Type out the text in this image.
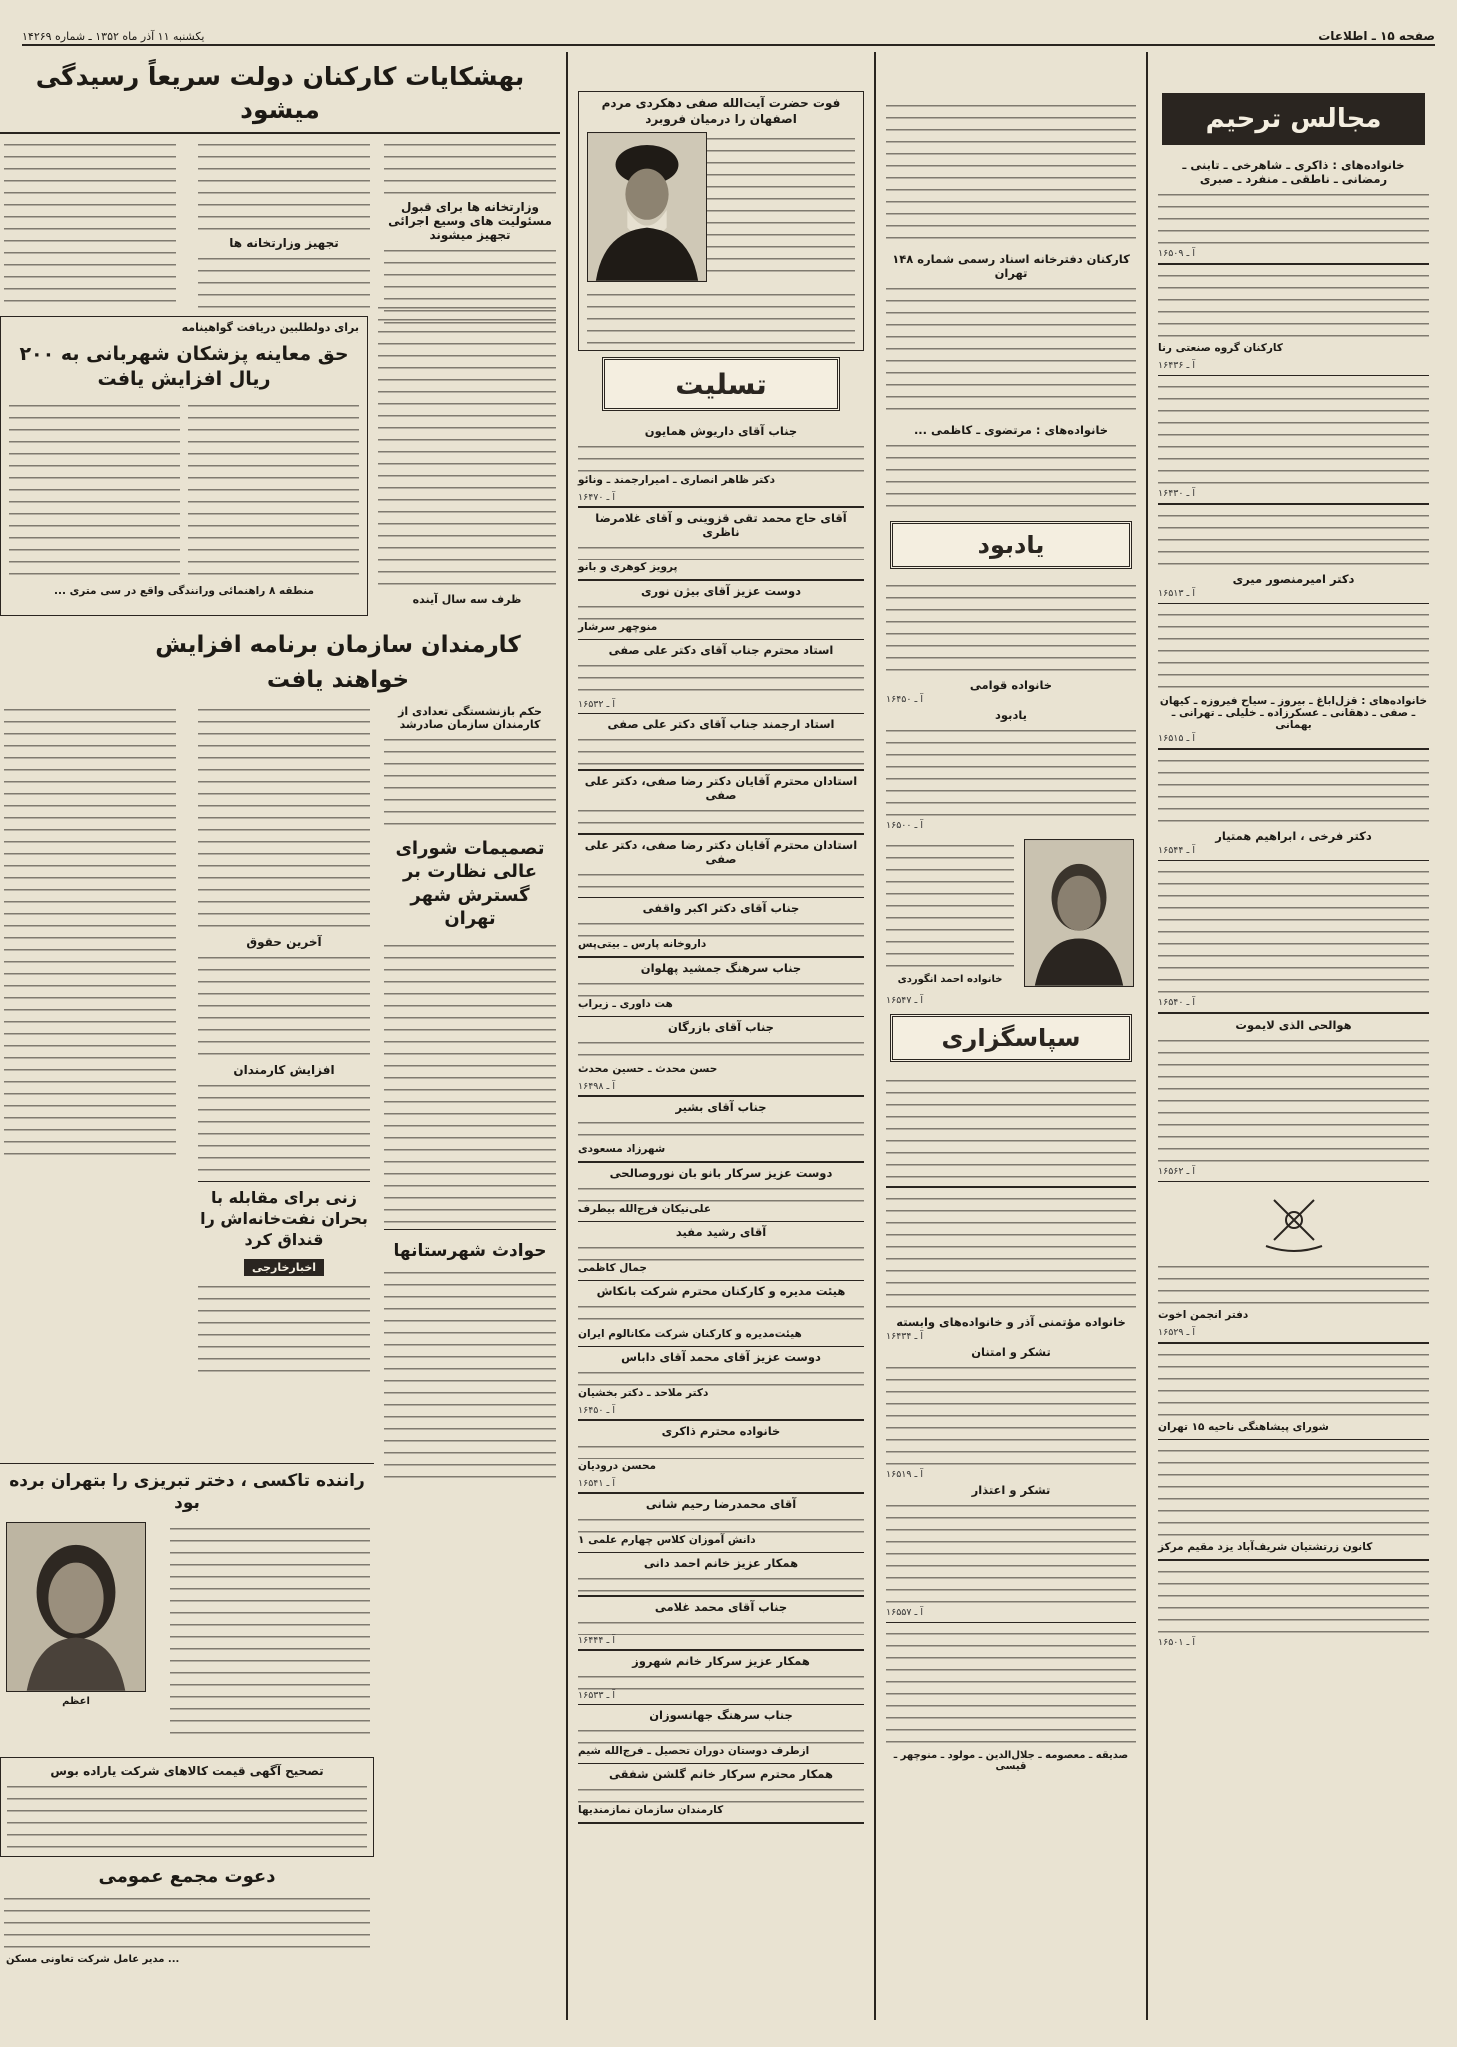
صفحه ۱۵ ـ اطلاعات
یکشنبه ۱۱ آذر ماه ۱۳۵۲ ـ شماره ۱۴۲۶۹
مجالس ترحیم
خانواده‌های : ذاکری ـ شاهرخی ـ تابنی ـ رمضانی ـ ناطقی ـ منفرد ـ صبری
آ ـ ۱۶۵۰۹
کارکنان گروه صنعتی رنا
آ ـ ۱۶۴۳۶
آ ـ ۱۶۴۳۰
دکتر امیرمنصور میری
آ ـ ۱۶۵۱۳
خانواده‌های : قزل‌اباغ ـ بیروز ـ سیاح فیروزه ـ کیهان ـ صفی ـ دهقانی ـ عسکرزاده ـ خلیلی ـ تهرانی ـ بهمانی
آ ـ ۱۶۵۱۵
دکتر فرخی ، ابراهیم همتیار
آ ـ ۱۶۵۴۴
آ ـ ۱۶۵۴۰
هوالحی الذی لایموت
آ ـ ۱۶۵۶۲
دفتر انجمن اخوت
آ ـ ۱۶۵۲۹
شورای پیشاهنگی ناحیه ۱۵ تهران
کانون زرتشتیان شریف‌آباد یزد مقیم مرکز
آ ـ ۱۶۵۰۱
کارکنان دفترخانه اسناد رسمی شماره ۱۴۸ تهران
خانواده‌های : مرتضوی ـ کاظمی ...
یادبود
خانواده قوامی
آ ـ ۱۶۴۵۰
یادبود
آ ـ ۱۶۵۰۰
خانواده احمد انگوردی
آ ـ ۱۶۵۴۷
سپاسگزاری
خانواده مؤتمنی آذر و خانواده‌های وابسته
آ ـ ۱۶۴۳۴
تشکر و امتنان
آ ـ ۱۶۵۱۹
تشکر و اعتذار
آ ـ ۱۶۵۵۷
صدیقه ـ معصومه ـ جلال‌الدین ـ مولود ـ منوچهر ـ قیسی
فوت حضرت آیت‌الله صفی دهکردی مردم اصفهان را درمیان فروبرد
تسلیت
جناب آقای داریوش همایون
دکتر ظاهر انصاری ـ امیرارجمند ـ ونائو
آ ـ ۱۶۴۷۰
آقای حاج محمد تقی قزوینی و آقای غلامرضا ناظری
پرویز کوهری و بانو
دوست عزیز آقای بیژن نوری
منوچهر سرشار
استاد محترم جناب آقای دکتر علی صفی
آ ـ ۱۶۵۳۲
استاد ارجمند جناب آقای دکتر علی صفی
استادان محترم آقایان دکتر رضا صفی، دکتر علی صفی
استادان محترم آقایان دکتر رضا صفی، دکتر علی صفی
جناب آقای دکتر اکبر واقفی
داروخانه پارس ـ بیتی‌پس
جناب سرهنگ جمشید پهلوان
هت داوری ـ زیراب
جناب آقای بازرگان
حسن محدث ـ حسین محدث
آ ـ ۱۶۴۹۸
جناب آقای بشیر
شهرزاد مسعودی
دوست عزیز سرکار بانو بان نوروصالحی
علی‌نیکان فرج‌الله بیطرف
آقای رشید مفید
جمال کاظمی
هیئت مدیره و کارکنان محترم شرکت بانکاش
هیئت‌مدیره و کارکنان شرکت مکانالوم ایران
دوست عزیز آقای محمد آقای داباس
دکتر ملاحد ـ دکتر بخشیان
آ ـ ۱۶۴۵۰
خانواده محترم ذاکری
محسن دروديان
آ ـ ۱۶۵۴۱
آقای محمدرضا رحیم شانی
دانش آموزان کلاس چهارم علمی ۱
همکار عزیز خانم احمد دانی
جناب آقای محمد غلامی
آ ـ ۱۶۴۴۴
همکار عزیز سرکار خانم شهروز
آ ـ ۱۶۵۳۳
جناب سرهنگ جهانسوزان
ازطرف دوستان دوران تحصیل ـ فرج‌الله شیم
همکار محترم سرکار خانم گلشن شفقی
کارمندان سازمان نمازمندیها
بهشکایات کارکنان دولت سریعاً رسیدگی میشود
وزارتخانه ها برای قبول مسئولیت های وسیع اجرائی تجهیز میشوند
تجهیز وزارتخانه ها
برای دولطلبین دریافت گواهینامه
حق معاینه پزشکان شهربانی به ۲۰۰ ریال افزایش یافت
منطقه ۸ راهنمائی ورانندگی واقع در سی متری ...
ظرف سه سال آینده
کارمندان سازمان برنامه افزایش خواهند یافت
حکم بازنشستگی تعدادی از کارمندان سازمان صادرشد
تصمیمات شورای عالی نظارت بر گسترش شهر تهران
حوادث شهرستانها
آخرین حقوق
افزایش کارمندان
زنی برای مقابله با بحران نفت‌خانه‌اش را قنداق کرد
اخبارخارجی
راننده تاکسی ، دختر تبریزی را بتهران برده بود
اعظم
تصحیح آگهی قیمت کالاهای شرکت یاراده بوس
دعوت مجمع عمومی
... مدیر عامل شرکت تعاونی مسکن
